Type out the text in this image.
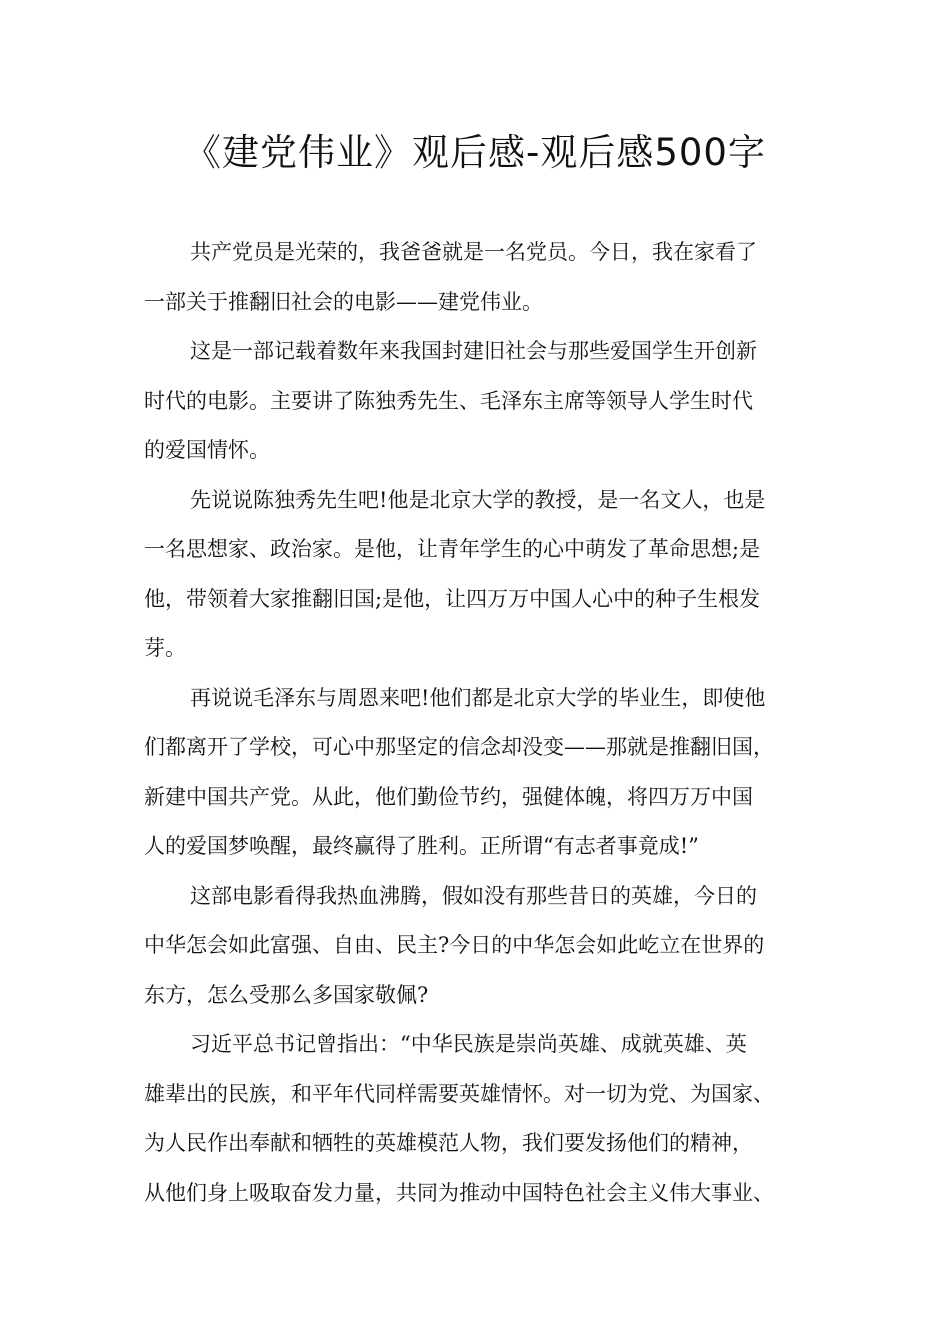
《建党伟业》观后感-观后感500字
共产党员是光荣的，我爸爸就是一名党员。今日，我在家看了
一部关于推翻旧社会的电影——建党伟业。
这是一部记载着数年来我国封建旧社会与那些爱国学生开创新
时代的电影。主要讲了陈独秀先生、毛泽东主席等领导人学生时代
的爱国情怀。
先说说陈独秀先生吧!他是北京大学的教授，是一名文人，也是
一名思想家、政治家。是他，让青年学生的心中萌发了革命思想;是
他，带领着大家推翻旧国;是他，让四万万中国人心中的种子生根发
芽。
再说说毛泽东与周恩来吧!他们都是北京大学的毕业生，即使他
们都离开了学校，可心中那坚定的信念却没变——那就是推翻旧国，
新建中国共产党。从此，他们勤俭节约，强健体魄，将四万万中国
人的爱国梦唤醒，最终赢得了胜利。正所谓“有志者事竟成!”
这部电影看得我热血沸腾，假如没有那些昔日的英雄，今日的
中华怎会如此富强、自由、民主?今日的中华怎会如此屹立在世界的
东方，怎么受那么多国家敬佩?
习近平总书记曾指出：“中华民族是崇尚英雄、成就英雄、英
雄辈出的民族，和平年代同样需要英雄情怀。对一切为党、为国家、
为人民作出奉献和牺牲的英雄模范人物，我们要发扬他们的精神，
从他们身上吸取奋发力量，共同为推动中国特色社会主义伟大事业、
